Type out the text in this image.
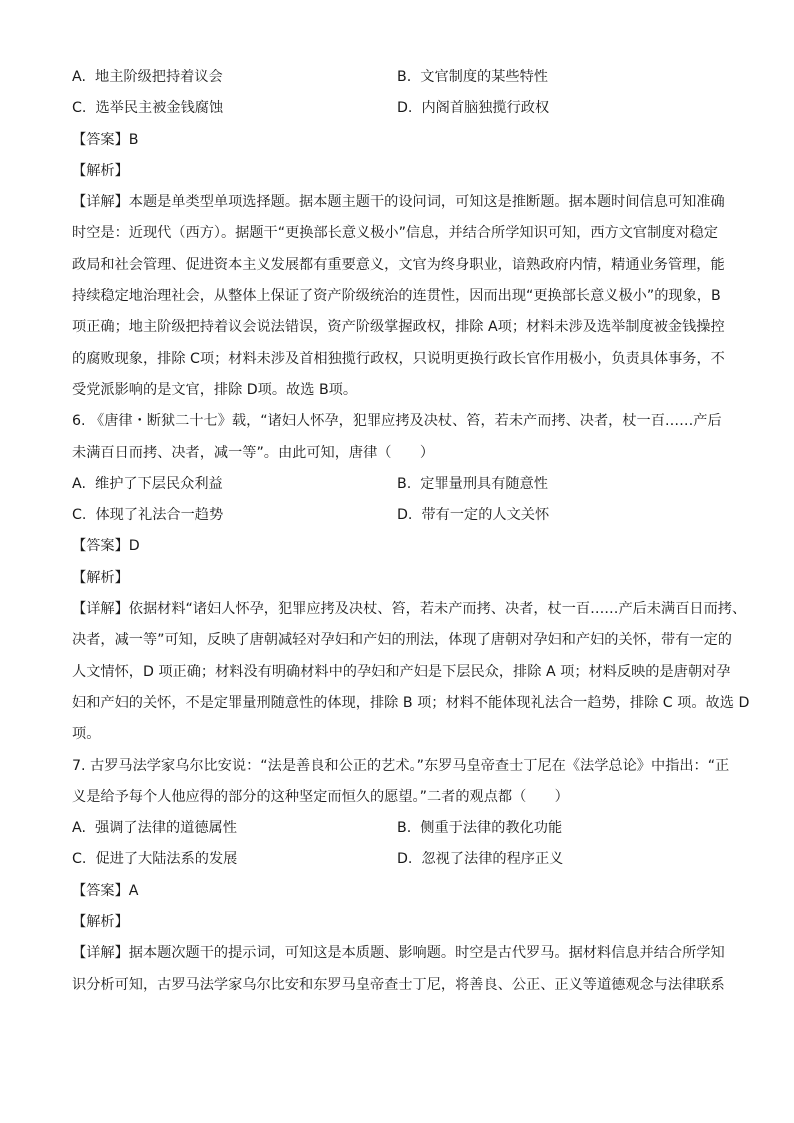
A. 地主阶级把持着议会	B. 文官制度的某些特性
C. 选举民主被金钱腐蚀	D. 内阁首脑独揽行政权
【答案】B
【解析】
【详解】本题是单类型单项选择题。据本题主题干的设问词，可知这是推断题。据本题时间信息可知准确
时空是：近现代（西方）。据题干“更换部长意义极小”信息，并结合所学知识可知，西方文官制度对稳定
政局和社会管理、促进资本主义发展都有重要意义，文官为终身职业，谙熟政府内情，精通业务管理，能
持续稳定地治理社会，从整体上保证了资产阶级统治的连贯性，因而出现“更换部长意义极小”的现象，B
项正确；地主阶级把持着议会说法错误，资产阶级掌握政权，排除 A项；材料未涉及选举制度被金钱操控
的腐败现象，排除 C项；材料未涉及首相独揽行政权，只说明更换行政长官作用极小，负责具体事务，不
受党派影响的是文官，排除 D项。故选 B项。
6. 《唐律・断狱二十七》载，“诸妇人怀孕，犯罪应拷及决杖、笞，若未产而拷、决者，杖一百……产后
未满百日而拷、决者，减一等”。由此可知，唐律（　　）
A. 维护了下层民众利益	B. 定罪量刑具有随意性
C. 体现了礼法合一趋势	D. 带有一定的人文关怀
【答案】D
【解析】
【详解】依据材料“诸妇人怀孕，犯罪应拷及决杖、笞，若未产而拷、决者，杖一百……产后未满百日而拷、
决者，减一等”可知，反映了唐朝减轻对孕妇和产妇的刑法，体现了唐朝对孕妇和产妇的关怀，带有一定的
人文情怀，D 项正确；材料没有明确材料中的孕妇和产妇是下层民众，排除 A 项；材料反映的是唐朝对孕
妇和产妇的关怀，不是定罪量刑随意性的体现，排除 B 项；材料不能体现礼法合一趋势，排除 C 项。故选 D
项。
7. 古罗马法学家乌尔比安说：“法是善良和公正的艺术。”东罗马皇帝查士丁尼在《法学总论》中指出：“正
义是给予每个人他应得的部分的这种坚定而恒久的愿望。”二者的观点都（　　）
A. 强调了法律的道德属性	B. 侧重于法律的教化功能
C. 促进了大陆法系的发展	D. 忽视了法律的程序正义
【答案】A
【解析】
【详解】据本题次题干的提示词，可知这是本质题、影响题。时空是古代罗马。据材料信息并结合所学知
识分析可知，古罗马法学家乌尔比安和东罗马皇帝查士丁尼，将善良、公正、正义等道德观念与法律联系
